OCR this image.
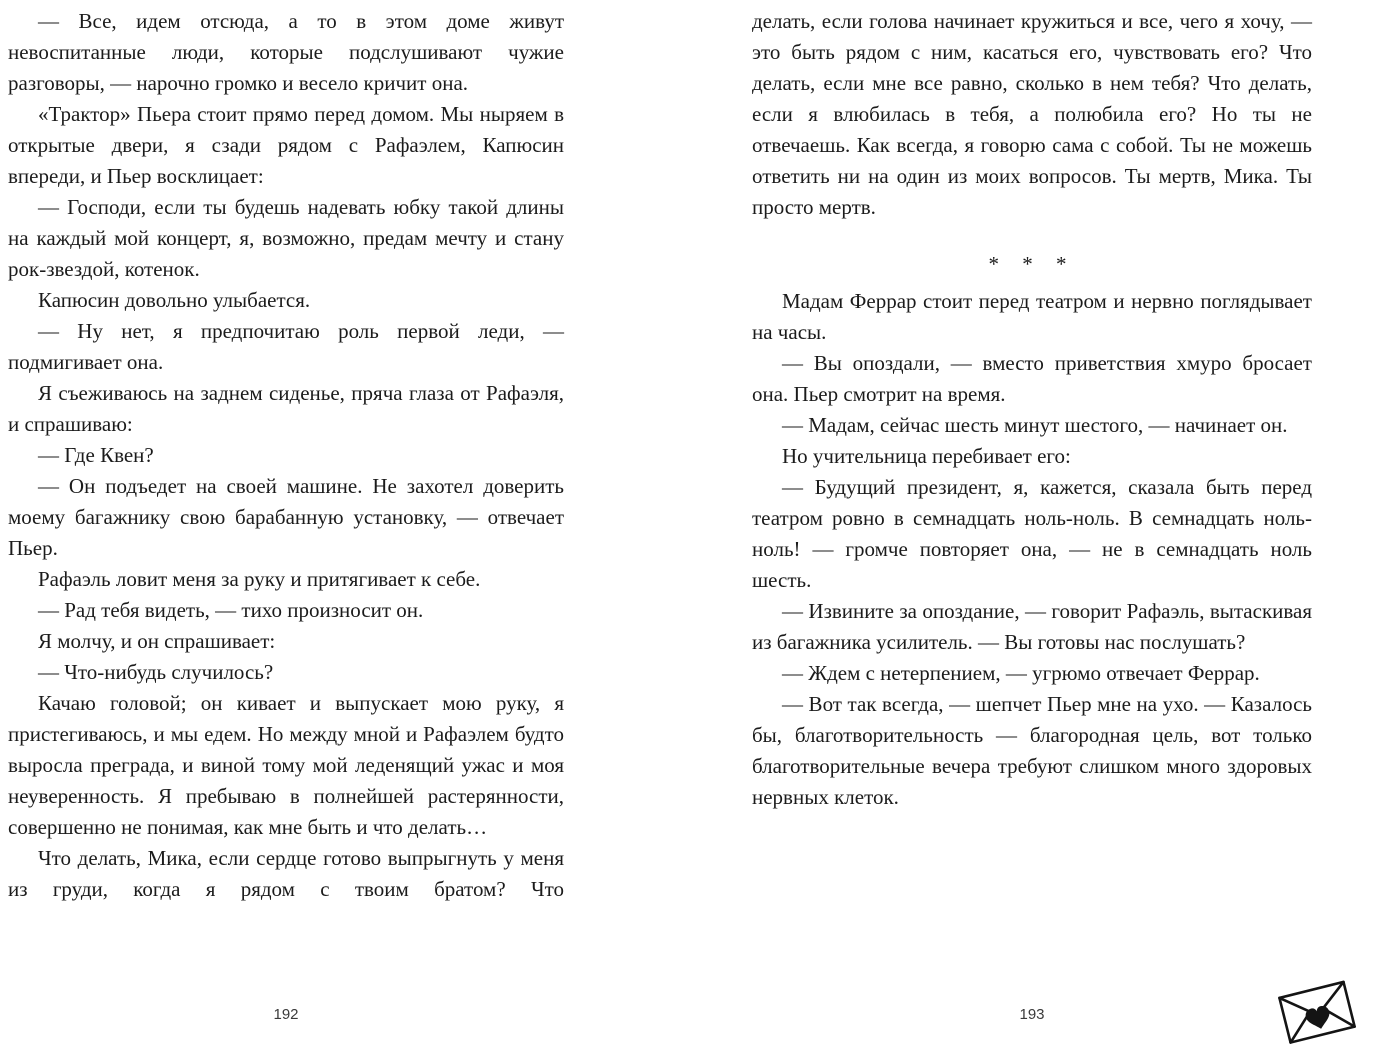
— Все, идем отсюда, а то в этом доме живут невоспитанные люди, которые подслушивают чужие разговоры, — нарочно громко и весело кричит она.

«Трактор» Пьера стоит прямо перед домом. Мы ныряем в открытые двери, я сзади рядом с Рафаэлем, Капюсин впереди, и Пьер восклицает:

— Господи, если ты будешь надевать юбку такой длины на каждый мой концерт, я, возможно, предам мечту и стану рок-звездой, котенок.

Капюсин довольно улыбается.

— Ну нет, я предпочитаю роль первой леди, — подмигивает она.

Я съеживаюсь на заднем сиденье, пряча глаза от Рафаэля, и спрашиваю:

— Где Квен?

— Он подъедет на своей машине. Не захотел доверить моему багажнику свою барабанную установку, — отвечает Пьер.

Рафаэль ловит меня за руку и притягивает к себе.

— Рад тебя видеть, — тихо произносит он.

Я молчу, и он спрашивает:

— Что-нибудь случилось?

Качаю головой; он кивает и выпускает мою руку, я пристегиваюсь, и мы едем. Но между мной и Рафаэлем будто выросла преграда, и виной тому мой леденящий ужас и моя неуверенность. Я пребываю в полнейшей растерянности, совершенно не понимая, как мне быть и что делать…

Что делать, Мика, если сердце готово выпрыгнуть у меня из груди, когда я рядом с твоим братом? Что

192

делать, если голова начинает кружиться и все, чего я хочу, — это быть рядом с ним, касаться его, чувствовать его? Что делать, если мне все равно, сколько в нем тебя? Что делать, если я влюбилась в тебя, а полюбила его? Но ты не отвечаешь. Как всегда, я говорю сама с собой. Ты не можешь ответить ни на один из моих вопросов. Ты мертв, Мика. Ты просто мертв.

* * *

Мадам Феррар стоит перед театром и нервно поглядывает на часы.

— Вы опоздали, — вместо приветствия хмуро бросает она. Пьер смотрит на время.

— Мадам, сейчас шесть минут шестого, — начинает он.

Но учительница перебивает его:

— Будущий президент, я, кажется, сказала быть перед театром ровно в семнадцать ноль-ноль. В семнадцать ноль-ноль! — громче повторяет она, — не в семнадцать ноль шесть.

— Извините за опоздание, — говорит Рафаэль, вытаскивая из багажника усилитель. — Вы готовы нас послушать?

— Ждем с нетерпением, — угрюмо отвечает Феррар.

— Вот так всегда, — шепчет Пьер мне на ухо. — Казалось бы, благотворительность — благородная цель, вот только благотворительные вечера требуют слишком много здоровых нервных клеток.

193
